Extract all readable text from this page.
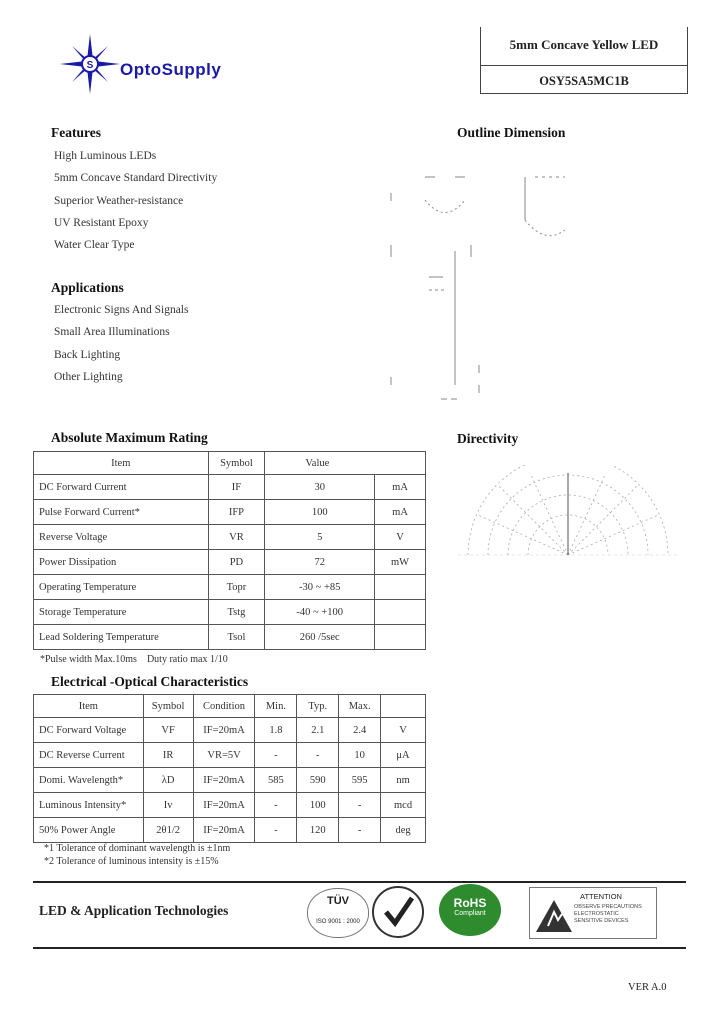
S OptoSupply
5mm Concave Yellow LED
OSY5SA5MC1B
Features
High Luminous LEDs
5mm Concave Standard Directivity
Superior Weather-resistance
UV Resistant Epoxy
Water Clear Type
Applications
Electronic Signs And Signals
Small Area Illuminations
Back Lighting
Other Lighting
Outline Dimension
Directivity
Absolute Maximum Rating
Item	Symbol	Value	
DC Forward Current	IF	30	mA
Pulse Forward Current*	IFP	100	mA
Reverse Voltage	VR	5	V
Power Dissipation	PD	72	mW
Operating Temperature	Topr	-30 ~ +85	
Storage Temperature	Tstg	-40 ~ +100	
Lead Soldering Temperature	Tsol	260 /5sec	
*Pulse width Max.10ms    Duty ratio max 1/10
Electrical -Optical Characteristics
Item	Symbol	Condition	Min.	Typ.	Max.	
DC Forward Voltage	VF	IF=20mA	1.8	2.1	2.4	V
DC Reverse Current	IR	VR=5V	-	-	10	μA
Domi. Wavelength*	λD	IF=20mA	585	590	595	nm
Luminous Intensity*	Iv	IF=20mA	-	100	-	mcd
50% Power Angle	2θ1/2	IF=20mA	-	120	-	deg
*1 Tolerance of dominant wavelength is ±1nm
*2 Tolerance of luminous intensity is ±15%
LED & Application Technologies
TÜV
ISO 9001 : 2000
RoHS
Compliant
ATTENTION
OBSERVE PRECAUTIONS
ELECTROSTATIC
SENSITIVE DEVICES
VER A.0
